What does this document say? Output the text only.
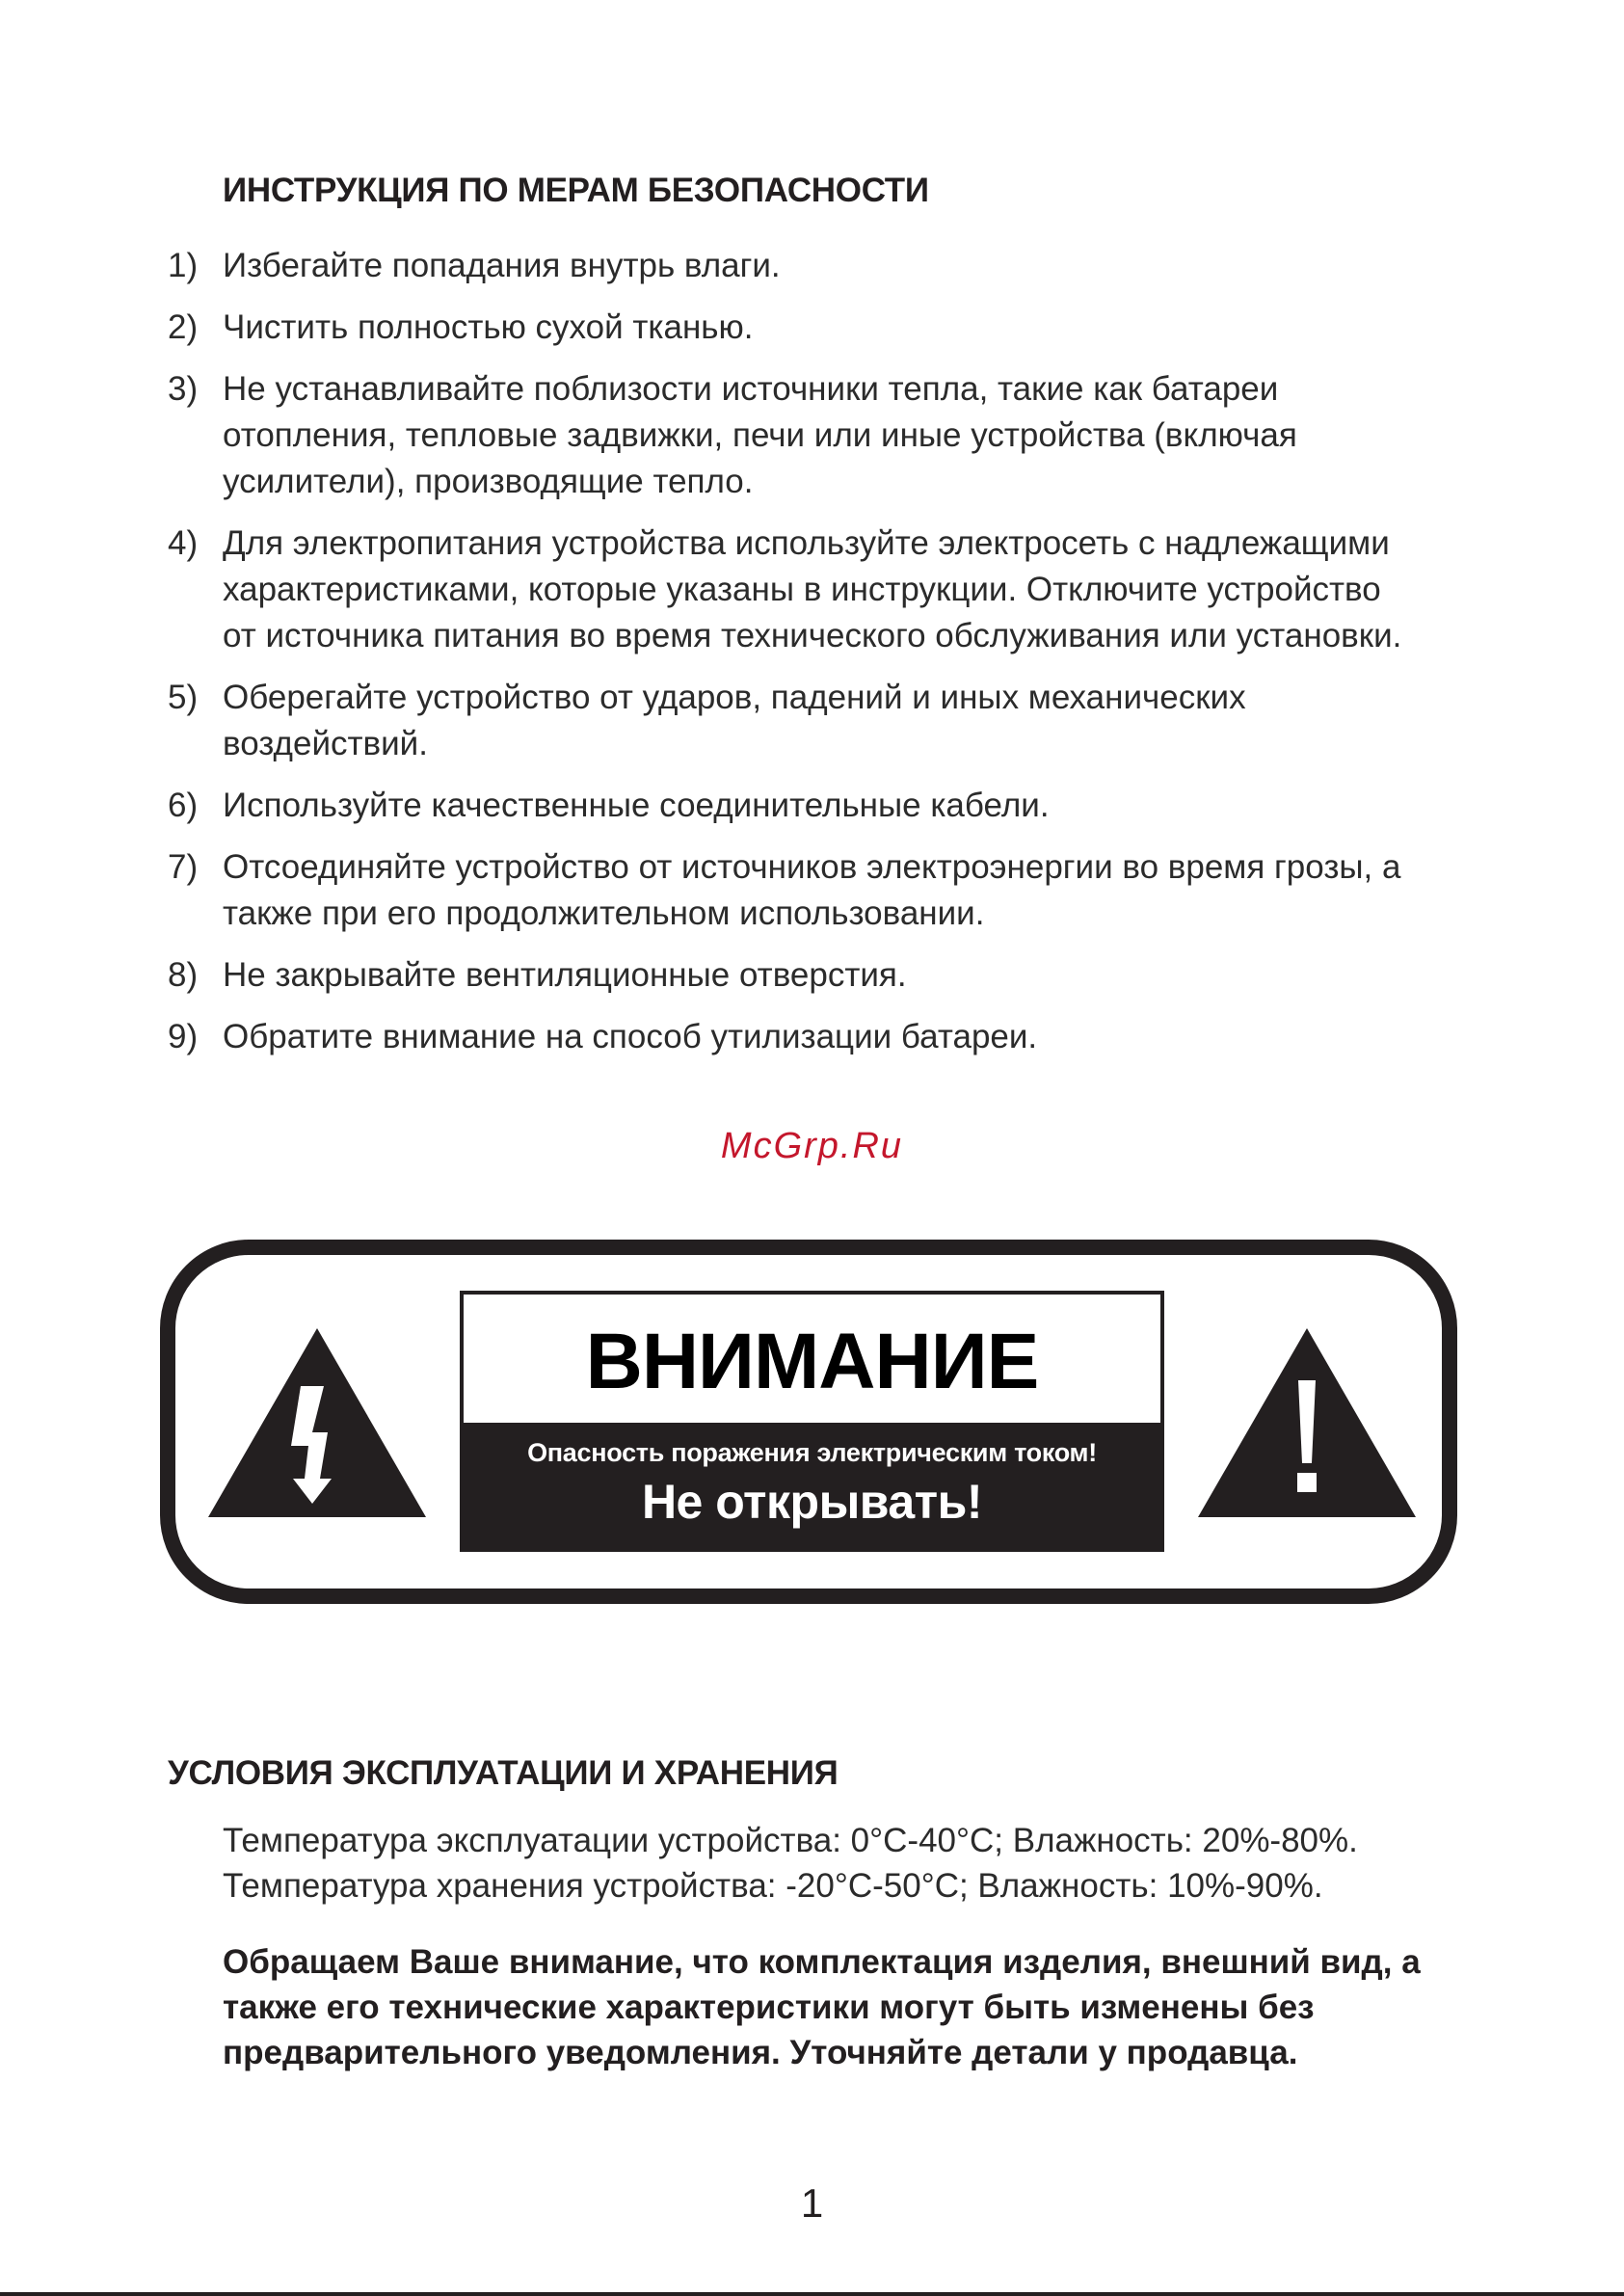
ИНСТРУКЦИЯ ПО МЕРАМ БЕЗОПАСНОСТИ
1) Избегайте попадания внутрь влаги.
2) Чистить полностью сухой тканью.
3) Не устанавливайте поблизости источники тепла, такие как батареи отопления, тепловые задвижки, печи или иные устройства (включая усилители), производящие тепло.
4) Для электропитания устройства используйте электросеть с надлежащими характеристиками, которые указаны в инструкции. Отключите устройство от источника питания во время технического обслуживания или установки.
5) Оберегайте устройство от ударов, падений и иных механических воздействий.
6) Используйте качественные соединительные кабели.
7) Отсоединяйте устройство от источников электроэнергии во время грозы, а также при его продолжительном использовании.
8) Не закрывайте вентиляционные отверстия.
9) Обратите внимание на способ утилизации батареи.
McGrp.Ru
ВНИМАНИЕ
Опасность поражения электрическим током!
Не открывать!
УСЛОВИЯ ЭКСПЛУАТАЦИИ И ХРАНЕНИЯ
Температура эксплуатации устройства: 0°С-40°С; Влажность: 20%-80%.
Температура хранения устройства: -20°С-50°С; Влажность: 10%-90%.
Обращаем Ваше внимание, что комплектация изделия, внешний вид, а также его технические характеристики могут быть изменены без предварительного уведомления. Уточняйте детали у продавца.
1
